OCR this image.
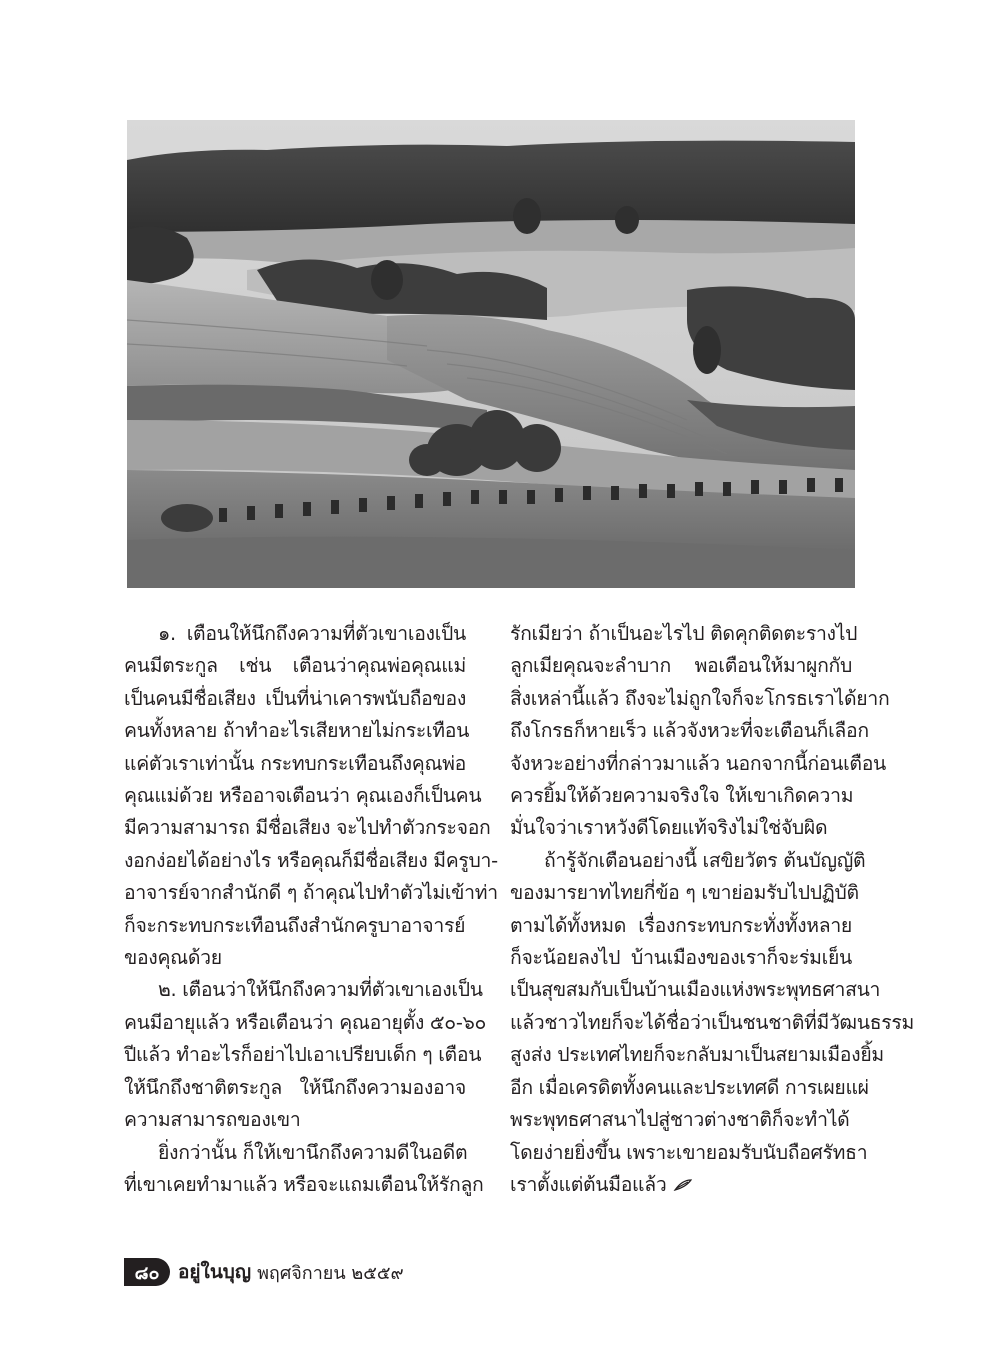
๑. เตือนให้นึกถึงความที่ตัวเขาเองเป็น
คนมีตระกูล เช่น เตือนว่าคุณพ่อคุณแม่
เป็นคนมีชื่อเสียง เป็นที่น่าเคารพนับถือของ
คนทั้งหลาย ถ้าทำอะไรเสียหายไม่กระเทือน
แค่ตัวเราเท่านั้น กระทบกระเทือนถึงคุณพ่อ
คุณแม่ด้วย หรืออาจเตือนว่า คุณเองก็เป็นคน
มีความสามารถ มีชื่อเสียง จะไปทำตัวกระจอก
งอกง่อยได้อย่างไร หรือคุณก็มีชื่อเสียง มีครูบา-
อาจารย์จากสำนักดี ๆ ถ้าคุณไปทำตัวไม่เข้าท่า
ก็จะกระทบกระเทือนถึงสำนักครูบาอาจารย์
ของคุณด้วย

๒. เตือนว่าให้นึกถึงความที่ตัวเขาเองเป็น
คนมีอายุแล้ว หรือเตือนว่า คุณอายุตั้ง ๕๐-๖๐
ปีแล้ว ทำอะไรก็อย่าไปเอาเปรียบเด็ก ๆ เตือน
ให้นึกถึงชาติตระกูล ให้นึกถึงความองอาจ
ความสามารถของเขา

ยิ่งกว่านั้น ก็ให้เขานึกถึงความดีในอดีต
ที่เขาเคยทำมาแล้ว หรือจะแถมเตือนให้รักลูก

รักเมียว่า ถ้าเป็นอะไรไป ติดคุกติดตะรางไป
ลูกเมียคุณจะลำบาก พอเตือนให้มาผูกกับ
สิ่งเหล่านี้แล้ว ถึงจะไม่ถูกใจก็จะโกรธเราได้ยาก
ถึงโกรธก็หายเร็ว แล้วจังหวะที่จะเตือนก็เลือก
จังหวะอย่างที่กล่าวมาแล้ว นอกจากนี้ก่อนเตือน
ควรยิ้มให้ด้วยความจริงใจ ให้เขาเกิดความ
มั่นใจว่าเราหวังดีโดยแท้จริงไม่ใช่จับผิด

ถ้ารู้จักเตือนอย่างนี้ เสขิยวัตร ต้นบัญญัติ
ของมารยาทไทยกี่ข้อ ๆ เขาย่อมรับไปปฏิบัติ
ตามได้ทั้งหมด เรื่องกระทบกระทั่งทั้งหลาย
ก็จะน้อยลงไป บ้านเมืองของเราก็จะร่มเย็น
เป็นสุขสมกับเป็นบ้านเมืองแห่งพระพุทธศาสนา
แล้วชาวไทยก็จะได้ชื่อว่าเป็นชนชาติที่มีวัฒนธรรม
สูงส่ง ประเทศไทยก็จะกลับมาเป็นสยามเมืองยิ้ม
อีก เมื่อเครดิตทั้งคนและประเทศดี การเผยแผ่
พระพุทธศาสนาไปสู่ชาวต่างชาติก็จะทำได้
โดยง่ายยิ่งขึ้น เพราะเขายอมรับนับถือศรัทธา
เราตั้งแต่ต้นมือแล้ว

๘๐ อยู่ในบุญ พฤศจิกายน ๒๕๕๙
